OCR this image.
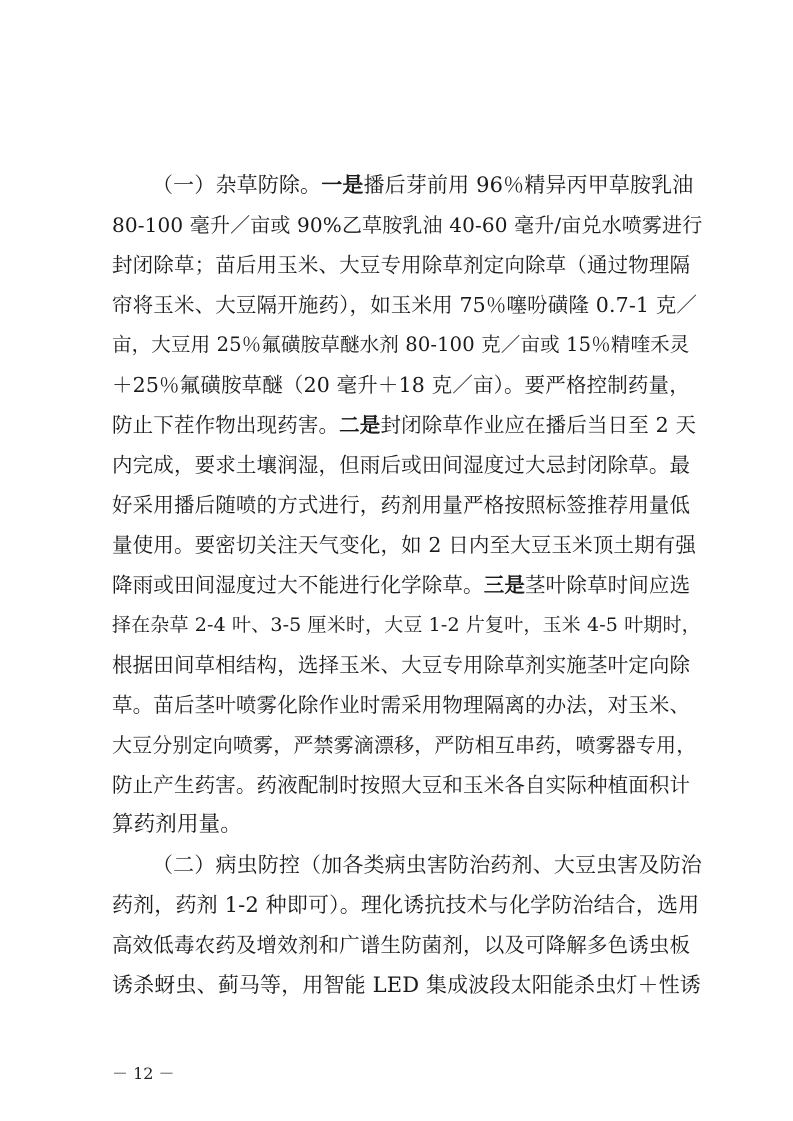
（一）杂草防除。一是播后芽前用 96％精异丙甲草胺乳油
80-100 毫升／亩或 90%乙草胺乳油 40-60 毫升/亩兑水喷雾进行
封闭除草；苗后用玉米、大豆专用除草剂定向除草（通过物理隔
帘将玉米、大豆隔开施药），如玉米用 75％噻吩磺隆 0.7-1 克／
亩，大豆用 25％氟磺胺草醚水剂 80-100 克／亩或 15％精喹禾灵
＋25％氟磺胺草醚（20 毫升＋18 克／亩）。要严格控制药量，
防止下茬作物出现药害。二是封闭除草作业应在播后当日至 2 天
内完成，要求土壤润湿，但雨后或田间湿度过大忌封闭除草。最
好采用播后随喷的方式进行，药剂用量严格按照标签推荐用量低
量使用。要密切关注天气变化，如 2 日内至大豆玉米顶土期有强
降雨或田间湿度过大不能进行化学除草。三是茎叶除草时间应选
择在杂草 2-4 叶、3-5 厘米时，大豆 1-2 片复叶，玉米 4-5 叶期时，
根据田间草相结构，选择玉米、大豆专用除草剂实施茎叶定向除
草。苗后茎叶喷雾化除作业时需采用物理隔离的办法，对玉米、
大豆分别定向喷雾，严禁雾滴漂移，严防相互串药，喷雾器专用，
防止产生药害。药液配制时按照大豆和玉米各自实际种植面积计
算药剂用量。
（二）病虫防控（加各类病虫害防治药剂、大豆虫害及防治
药剂，药剂 1-2 种即可）。理化诱抗技术与化学防治结合，选用
高效低毒农药及增效剂和广谱生防菌剂，以及可降解多色诱虫板
诱杀蚜虫、蓟马等，用智能 LED 集成波段太阳能杀虫灯＋性诱
－ 12 －
